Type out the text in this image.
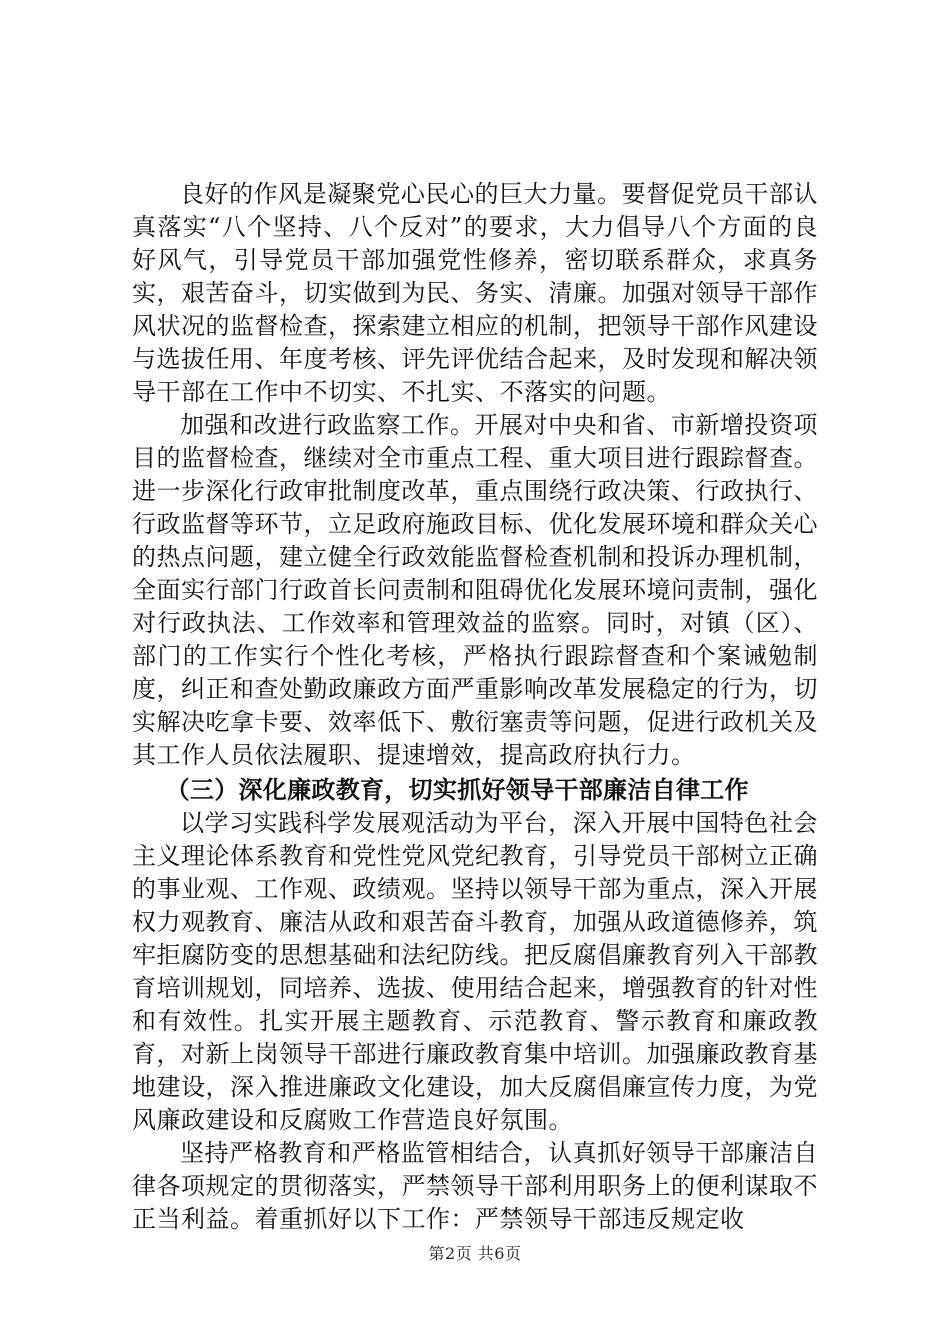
良好的作风是凝聚党心民心的巨大力量。要督促党员干部认真落实“八个坚持、八个反对”的要求，大力倡导八个方面的良好风气，引导党员干部加强党性修养，密切联系群众，求真务实，艰苦奋斗，切实做到为民、务实、清廉。加强对领导干部作风状况的监督检查，探索建立相应的机制，把领导干部作风建设与选拔任用、年度考核、评先评优结合起来，及时发现和解决领导干部在工作中不切实、不扎实、不落实的问题。

加强和改进行政监察工作。开展对中央和省、市新增投资项目的监督检查，继续对全市重点工程、重大项目进行跟踪督查。进一步深化行政审批制度改革，重点围绕行政决策、行政执行、行政监督等环节，立足政府施政目标、优化发展环境和群众关心的热点问题，建立健全行政效能监督检查机制和投诉办理机制，全面实行部门行政首长问责制和阻碍优化发展环境问责制，强化对行政执法、工作效率和管理效益的监察。同时，对镇（区）、部门的工作实行个性化考核，严格执行跟踪督查和个案诫勉制度，纠正和查处勤政廉政方面严重影响改革发展稳定的行为，切实解决吃拿卡要、效率低下、敷衍塞责等问题，促进行政机关及其工作人员依法履职、提速增效，提高政府执行力。

（三）深化廉政教育，切实抓好领导干部廉洁自律工作

以学习实践科学发展观活动为平台，深入开展中国特色社会主义理论体系教育和党性党风党纪教育，引导党员干部树立正确的事业观、工作观、政绩观。坚持以领导干部为重点，深入开展权力观教育、廉洁从政和艰苦奋斗教育，加强从政道德修养，筑牢拒腐防变的思想基础和法纪防线。把反腐倡廉教育列入干部教育培训规划，同培养、选拔、使用结合起来，增强教育的针对性和有效性。扎实开展主题教育、示范教育、警示教育和廉政教育，对新上岗领导干部进行廉政教育集中培训。加强廉政教育基地建设，深入推进廉政文化建设，加大反腐倡廉宣传力度，为党风廉政建设和反腐败工作营造良好氛围。

坚持严格教育和严格监管相结合，认真抓好领导干部廉洁自律各项规定的贯彻落实，严禁领导干部利用职务上的便利谋取不正当利益。着重抓好以下工作：严禁领导干部违反规定收

第2页 共6页
